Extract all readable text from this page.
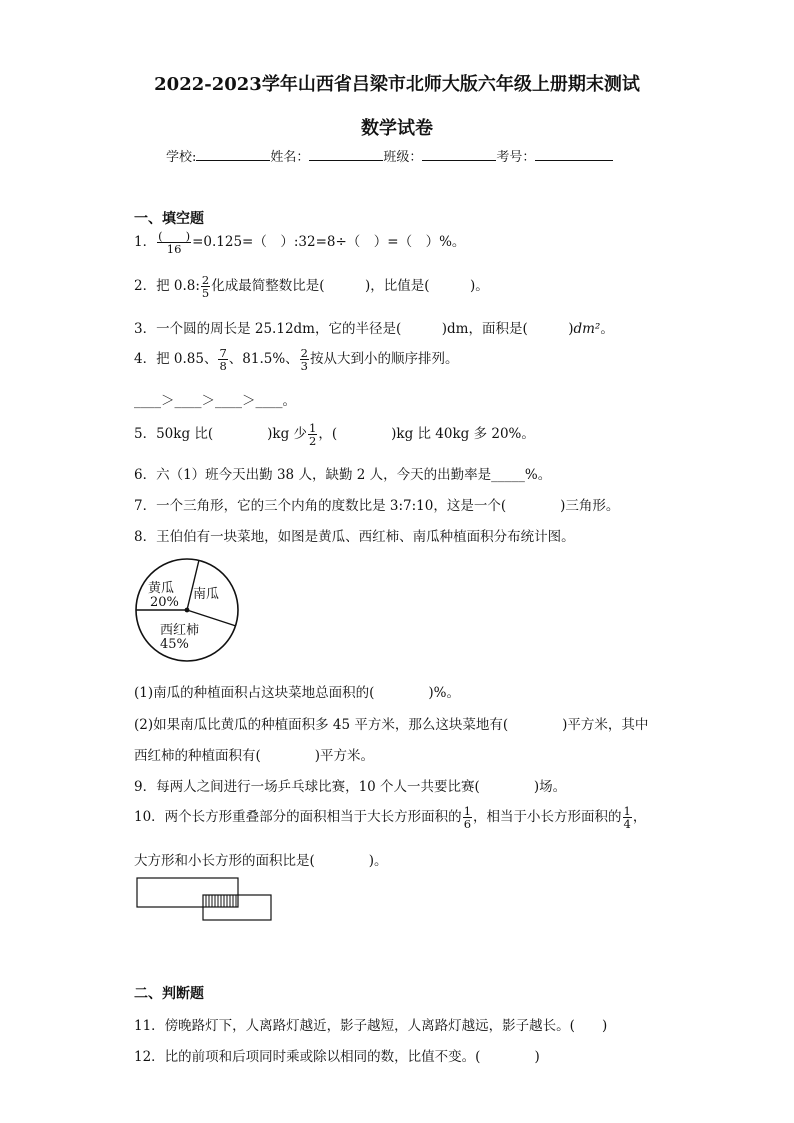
2022-2023学年山西省吕梁市北师大版六年级上册期末测试
数学试卷
学校:	姓名：	班级：	考号：
一、填空题
1． $\frac{( )}{16} =0.125=$（　）:32=8÷（　）=（　）%。
2．把 0.8: $\frac{2}{5}$ 化成最简整数比是(　　　)，比值是(　　　)。
3．一个圆的周长是 25.12dm，它的半径是(　　　)dm，面积是(　　　)dm²。
4．把 0.85、 $\frac{7}{8}$ 、81.5%、 $\frac{2}{3}$ 按从大到小的顺序排列。
____＞____＞____＞____。
5．50kg 比(　　　　)kg 少 $\frac{1}{2}$ ，(　　　　)kg 比 40kg 多 20%。
6．六（1）班今天出勤 38 人，缺勤 2 人，今天的出勤率是_____%。
7．一个三角形，它的三个内角的度数比是 3:7:10，这是一个(　　　　)三角形。
8．王伯伯有一块菜地，如图是黄瓜、西红柿、南瓜种植面积分布统计图。
黄瓜
20%
南瓜
西红柿
45%
(1)南瓜的种植面积占这块菜地总面积的(　　　　)%。
(2)如果南瓜比黄瓜的种植面积多 45 平方米，那么这块菜地有(　　　　)平方米，其中
西红柿的种植面积有(　　　　)平方米。
9．每两人之间进行一场乒乓球比赛，10 个人一共要比赛(　　　　)场。
10．两个长方形重叠部分的面积相当于大长方形面积的 $\frac{1}{6}$ ，相当于小长方形面积的 $\frac{1}{4}$ ，
大方形和小长方形的面积比是(　　　　)。
二、判断题
11．傍晚路灯下，人离路灯越近，影子越短，人离路灯越远，影子越长。(　　)
12．比的前项和后项同时乘或除以相同的数，比值不变。(　　　　)
